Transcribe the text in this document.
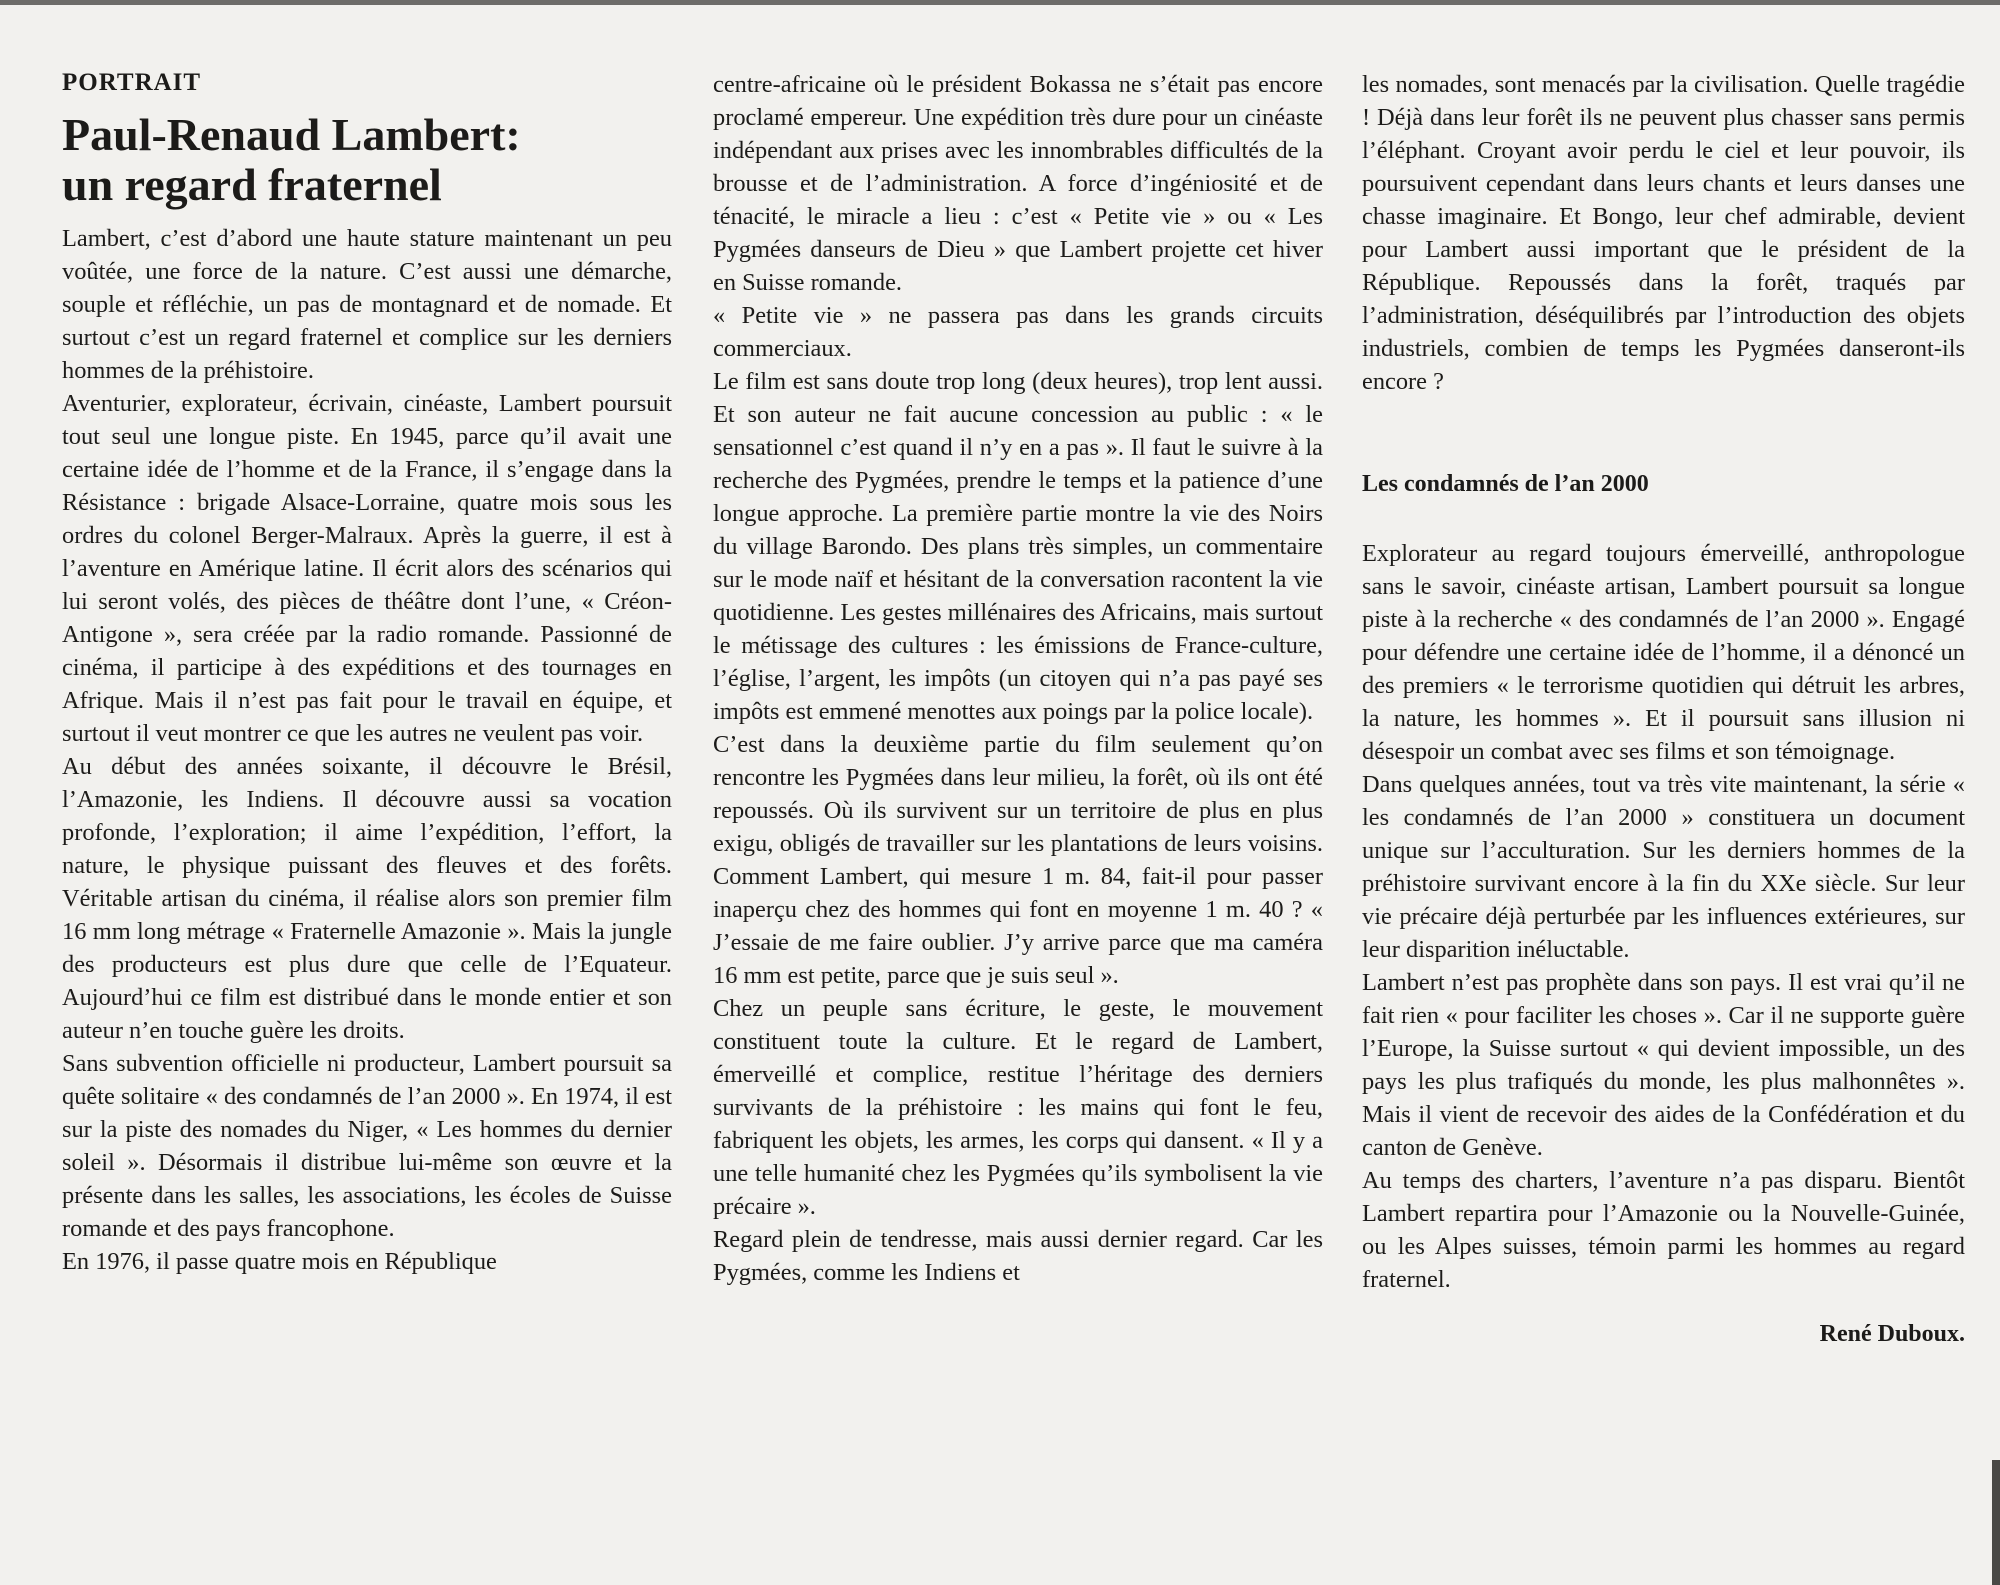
PORTRAIT
Paul-Renaud Lambert:
un regard fraternel

Lambert, c’est d’abord une haute stature maintenant un peu voûtée, une force de la nature. C’est aussi une démarche, souple et réfléchie, un pas de montagnard et de nomade. Et surtout c’est un regard fraternel et complice sur les derniers hommes de la préhistoire.

Aventurier, explorateur, écrivain, cinéaste, Lambert poursuit tout seul une longue piste. En 1945, parce qu’il avait une certaine idée de l’homme et de la France, il s’engage dans la Résistance : brigade Alsace-Lorraine, quatre mois sous les ordres du colonel Berger-Malraux. Après la guerre, il est à l’aventure en Amérique latine. Il écrit alors des scénarios qui lui seront volés, des pièces de théâtre dont l’une, « Créon-Antigone », sera créée par la radio romande. Passionné de cinéma, il participe à des expéditions et des tournages en Afrique. Mais il n’est pas fait pour le travail en équipe, et surtout il veut montrer ce que les autres ne veulent pas voir.

Au début des années soixante, il découvre le Brésil, l’Amazonie, les Indiens. Il découvre aussi sa vocation profonde, l’exploration; il aime l’expédition, l’effort, la nature, le physique puissant des fleuves et des forêts. Véritable artisan du cinéma, il réalise alors son premier film 16 mm long métrage « Fraternelle Amazonie ». Mais la jungle des producteurs est plus dure que celle de l’Equateur. Aujourd’hui ce film est distribué dans le monde entier et son auteur n’en touche guère les droits.

Sans subvention officielle ni producteur, Lambert poursuit sa quête solitaire « des condamnés de l’an 2000 ». En 1974, il est sur la piste des nomades du Niger, « Les hommes du dernier soleil ». Désormais il distribue lui-même son œuvre et la présente dans les salles, les associations, les écoles de Suisse romande et des pays francophone.

En 1976, il passe quatre mois en République

centre-africaine où le président Bokassa ne s’était pas encore proclamé empereur. Une expédition très dure pour un cinéaste indépendant aux prises avec les innombrables difficultés de la brousse et de l’administration. A force d’ingéniosité et de ténacité, le miracle a lieu : c’est « Petite vie » ou « Les Pygmées danseurs de Dieu » que Lambert projette cet hiver en Suisse romande.

« Petite vie » ne passera pas dans les grands circuits commerciaux.

Le film est sans doute trop long (deux heures), trop lent aussi. Et son auteur ne fait aucune concession au public : « le sensationnel c’est quand il n’y en a pas ». Il faut le suivre à la recherche des Pygmées, prendre le temps et la patience d’une longue approche. La première partie montre la vie des Noirs du village Barondo. Des plans très simples, un commentaire sur le mode naïf et hésitant de la conversation racontent la vie quotidienne. Les gestes millénaires des Africains, mais surtout le métissage des cultures : les émissions de France-culture, l’église, l’argent, les impôts (un citoyen qui n’a pas payé ses impôts est emmené menottes aux poings par la police locale).

C’est dans la deuxième partie du film seulement qu’on rencontre les Pygmées dans leur milieu, la forêt, où ils ont été repoussés. Où ils survivent sur un territoire de plus en plus exigu, obligés de travailler sur les plantations de leurs voisins. Comment Lambert, qui mesure 1 m. 84, fait-il pour passer inaperçu chez des hommes qui font en moyenne 1 m. 40 ? « J’essaie de me faire oublier. J’y arrive parce que ma caméra 16 mm est petite, parce que je suis seul ».

Chez un peuple sans écriture, le geste, le mouvement constituent toute la culture. Et le regard de Lambert, émerveillé et complice, restitue l’héritage des derniers survivants de la préhistoire : les mains qui font le feu, fabriquent les objets, les armes, les corps qui dansent. « Il y a une telle humanité chez les Pygmées qu’ils symbolisent la vie précaire ».

Regard plein de tendresse, mais aussi dernier regard. Car les Pygmées, comme les Indiens et

les nomades, sont menacés par la civilisation. Quelle tragédie ! Déjà dans leur forêt ils ne peuvent plus chasser sans permis l’éléphant. Croyant avoir perdu le ciel et leur pouvoir, ils poursuivent cependant dans leurs chants et leurs danses une chasse imaginaire. Et Bongo, leur chef admirable, devient pour Lambert aussi important que le président de la République. Repoussés dans la forêt, traqués par l’administration, déséquilibrés par l’introduction des objets industriels, combien de temps les Pygmées danseront-ils encore ?

Les condamnés de l’an 2000

Explorateur au regard toujours émerveillé, anthropologue sans le savoir, cinéaste artisan, Lambert poursuit sa longue piste à la recherche « des condamnés de l’an 2000 ». Engagé pour défendre une certaine idée de l’homme, il a dénoncé un des premiers « le terrorisme quotidien qui détruit les arbres, la nature, les hommes ». Et il poursuit sans illusion ni désespoir un combat avec ses films et son témoignage.

Dans quelques années, tout va très vite maintenant, la série « les condamnés de l’an 2000 » constituera un document unique sur l’acculturation. Sur les derniers hommes de la préhistoire survivant encore à la fin du XXe siècle. Sur leur vie précaire déjà perturbée par les influences extérieures, sur leur disparition inéluctable.

Lambert n’est pas prophète dans son pays. Il est vrai qu’il ne fait rien « pour faciliter les choses ». Car il ne supporte guère l’Europe, la Suisse surtout « qui devient impossible, un des pays les plus trafiqués du monde, les plus malhonnêtes ». Mais il vient de recevoir des aides de la Confédération et du canton de Genève.

Au temps des charters, l’aventure n’a pas disparu. Bientôt Lambert repartira pour l’Amazonie ou la Nouvelle-Guinée, ou les Alpes suisses, témoin parmi les hommes au regard fraternel.

René Duboux.
